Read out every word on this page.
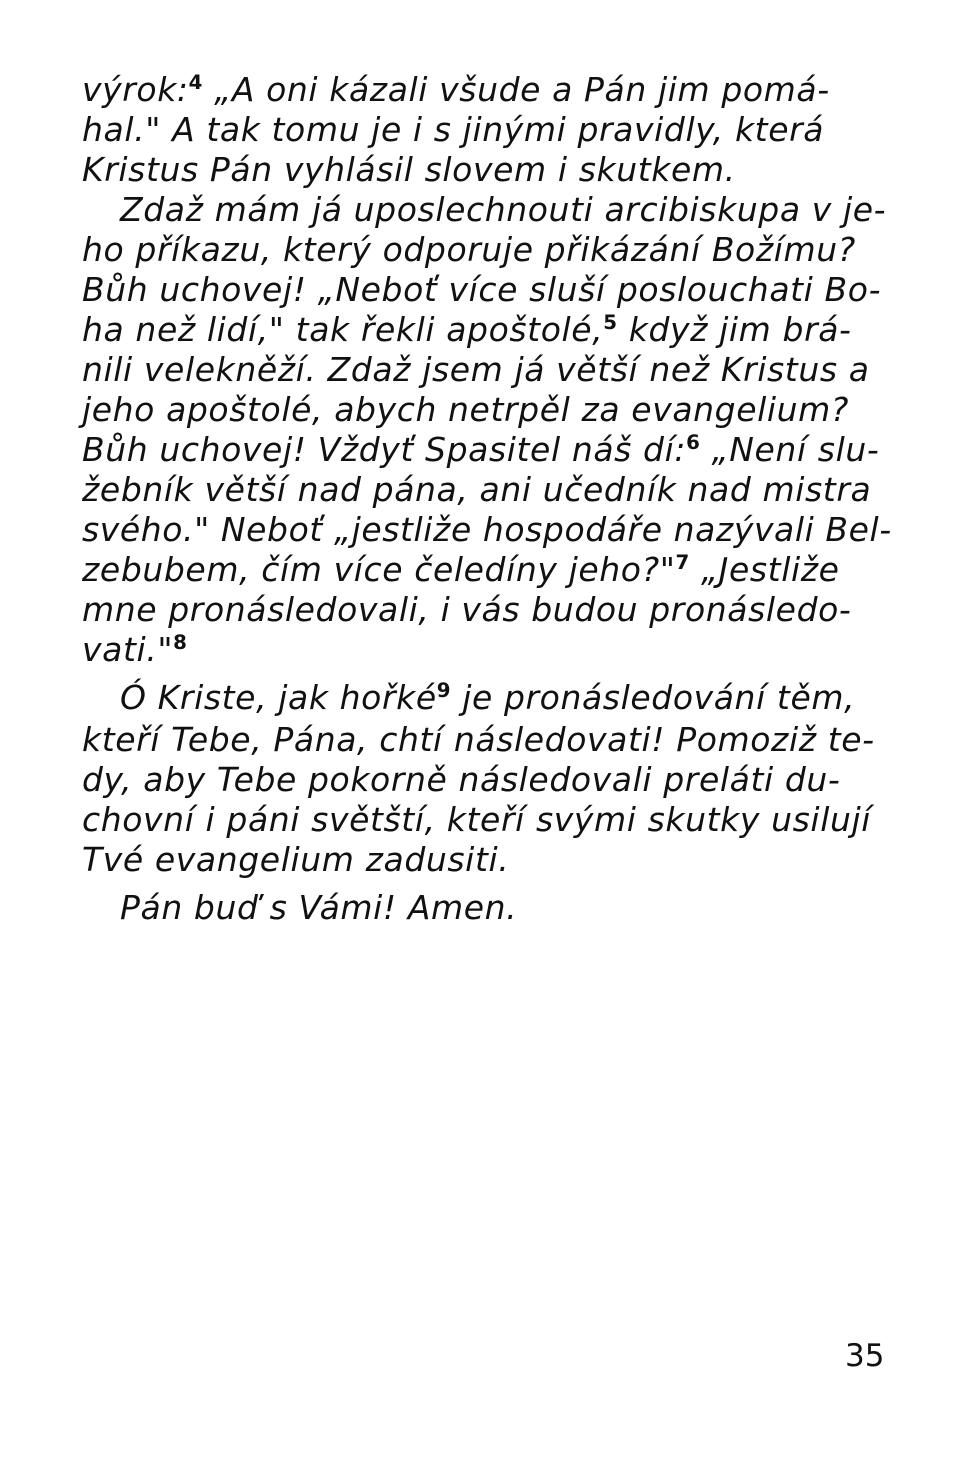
výrok:$^4$ „A oni kázali všude a Pán jim pomá-
hal." A tak tomu je i s jinými pravidly, která
Kristus Pán vyhlásil slovem i skutkem.
Zdaž mám já uposlechnouti arcibiskupa v je-
ho příkazu, který odporuje přikázání Božímu?
Bůh uchovej! „Neboť více sluší poslouchati Bo-
ha než lidí," tak řekli apoštolé,$^5$ když jim brá-
nili velekněží. Zdaž jsem já větší než Kristus a
jeho apoštolé, abych netrpěl za evangelium?
Bůh uchovej! Vždyť Spasitel náš dí:$^6$ „Není slu-
žebník větší nad pána, ani učedník nad mistra
svého." Neboť „jestliže hospodáře nazývali Bel-
zebubem, čím více čeledíny jeho?"$^7$ „Jestliže
mne pronásledovali, i vás budou pronásledo-
vati."$^8$
Ó Kriste, jak hořké$^9$ je pronásledování těm,
kteří Tebe, Pána, chtí následovati! Pomoziž te-
dy, aby Tebe pokorně následovali preláti du-
chovní i páni světští, kteří svými skutky usilují
Tvé evangelium zadusiti.
Pán buď s Vámi! Amen.
35
